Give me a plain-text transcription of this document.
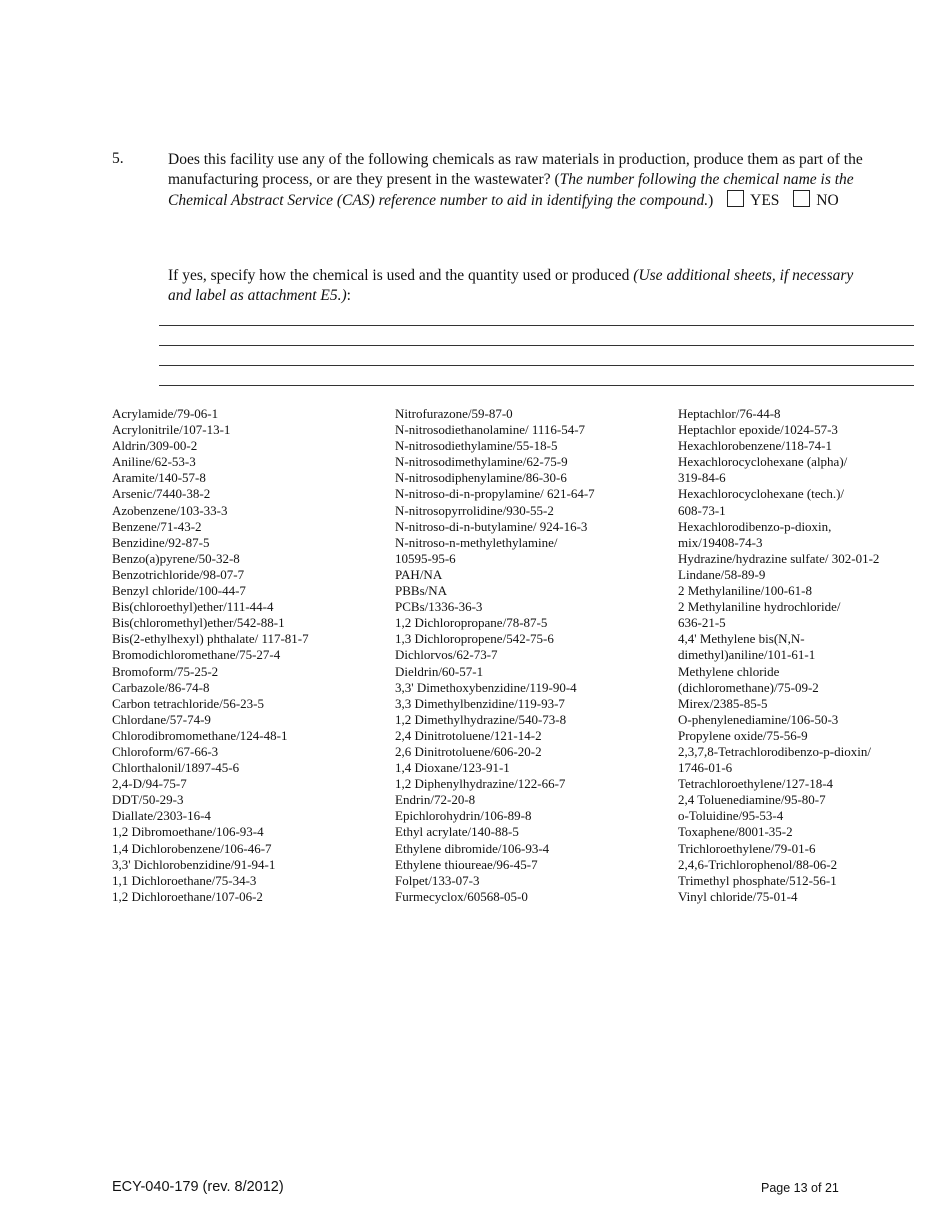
5.	Does this facility use any of the following chemicals as raw materials in production, produce them as part of the manufacturing process, or are they present in the wastewater? (The number following the chemical name is the Chemical Abstract Service (CAS) reference number to aid in identifying the compound.) YES NO
If yes, specify how the chemical is used and the quantity used or produced (Use additional sheets, if necessary and label as attachment E5.):
Acrylamide/79-06-1
Acrylonitrile/107-13-1
Aldrin/309-00-2
Aniline/62-53-3
Aramite/140-57-8
Arsenic/7440-38-2
Azobenzene/103-33-3
Benzene/71-43-2
Benzidine/92-87-5
Benzo(a)pyrene/50-32-8
Benzotrichloride/98-07-7
Benzyl chloride/100-44-7
Bis(chloroethyl)ether/111-44-4
Bis(chloromethyl)ether/542-88-1
Bis(2-ethylhexyl) phthalate/ 117-81-7
Bromodichloromethane/75-27-4
Bromoform/75-25-2
Carbazole/86-74-8
Carbon tetrachloride/56-23-5
Chlordane/57-74-9
Chlorodibromomethane/124-48-1
Chloroform/67-66-3
Chlorthalonil/1897-45-6
2,4-D/94-75-7
DDT/50-29-3
Diallate/2303-16-4
1,2 Dibromoethane/106-93-4
1,4 Dichlorobenzene/106-46-7
3,3' Dichlorobenzidine/91-94-1
1,1 Dichloroethane/75-34-3
1,2 Dichloroethane/107-06-2
Nitrofurazone/59-87-0
N-nitrosodiethanolamine/ 1116-54-7
N-nitrosodiethylamine/55-18-5
N-nitrosodimethylamine/62-75-9
N-nitrosodiphenylamine/86-30-6
N-nitroso-di-n-propylamine/ 621-64-7
N-nitrosopyrrolidine/930-55-2
N-nitroso-di-n-butylamine/ 924-16-3
N-nitroso-n-methylethylamine/
10595-95-6
PAH/NA
PBBs/NA
PCBs/1336-36-3
1,2 Dichloropropane/78-87-5
1,3 Dichloropropene/542-75-6
Dichlorvos/62-73-7
Dieldrin/60-57-1
3,3' Dimethoxybenzidine/119-90-4
3,3 Dimethylbenzidine/119-93-7
1,2 Dimethylhydrazine/540-73-8
2,4 Dinitrotoluene/121-14-2
2,6 Dinitrotoluene/606-20-2
1,4 Dioxane/123-91-1
1,2 Diphenylhydrazine/122-66-7
Endrin/72-20-8
Epichlorohydrin/106-89-8
Ethyl acrylate/140-88-5
Ethylene dibromide/106-93-4
Ethylene thioureae/96-45-7
Folpet/133-07-3
Furmecyclox/60568-05-0
Heptachlor/76-44-8
Heptachlor epoxide/1024-57-3
Hexachlorobenzene/118-74-1
Hexachlorocyclohexane (alpha)/
319-84-6
Hexachlorocyclohexane (tech.)/
608-73-1
Hexachlorodibenzo-p-dioxin,
mix/19408-74-3
Hydrazine/hydrazine sulfate/ 302-01-2
Lindane/58-89-9
2 Methylaniline/100-61-8
2 Methylaniline hydrochloride/
636-21-5
4,4' Methylene bis(N,N-
dimethyl)aniline/101-61-1
Methylene chloride
(dichloromethane)/75-09-2
Mirex/2385-85-5
O-phenylenediamine/106-50-3
Propylene oxide/75-56-9
2,3,7,8-Tetrachlorodibenzo-p-dioxin/
1746-01-6
Tetrachloroethylene/127-18-4
2,4 Toluenediamine/95-80-7
o-Toluidine/95-53-4
Toxaphene/8001-35-2
Trichloroethylene/79-01-6
2,4,6-Trichlorophenol/88-06-2
Trimethyl phosphate/512-56-1
Vinyl chloride/75-01-4
ECY-040-179 (rev. 8/2012)	Page 13 of 21
